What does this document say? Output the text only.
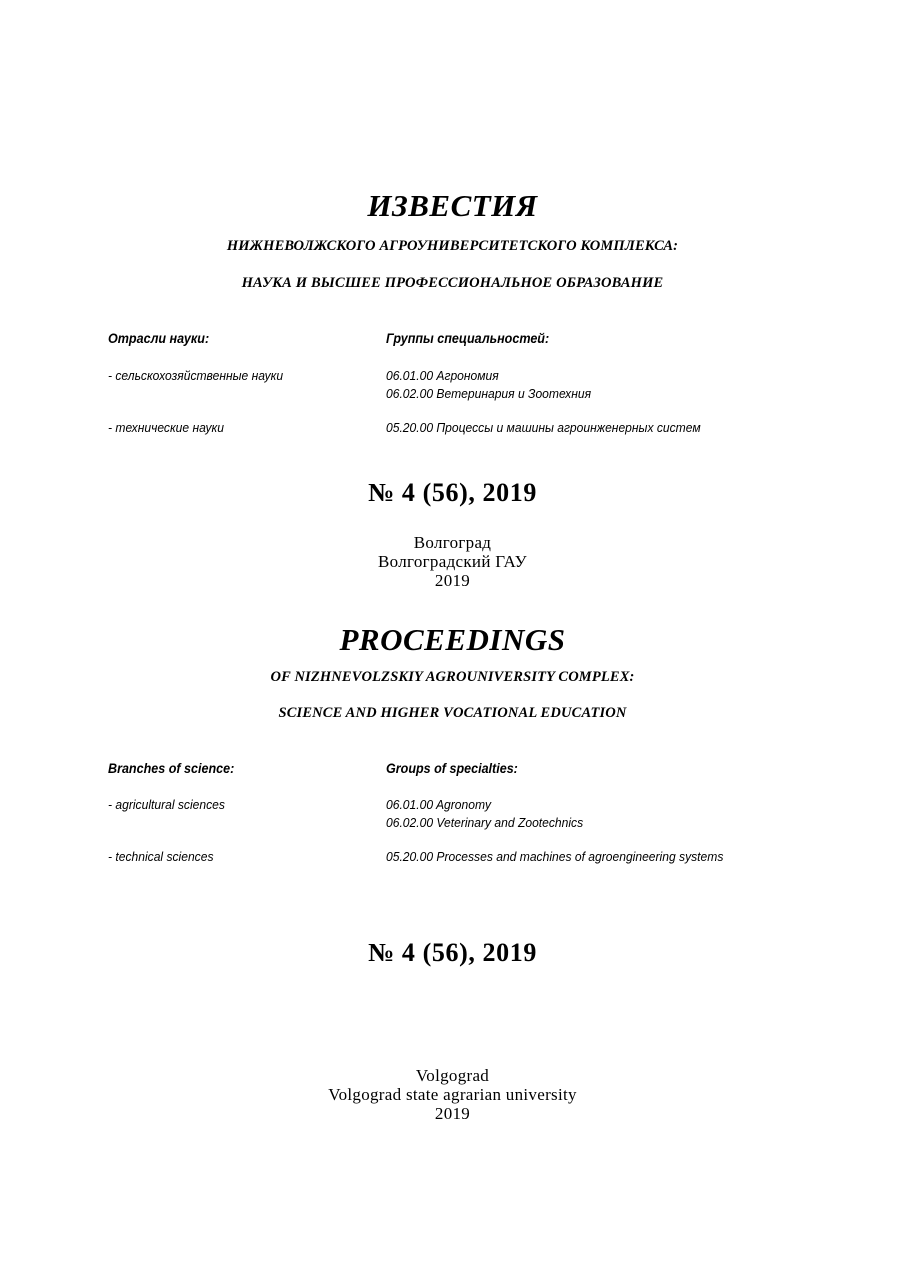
ИЗВЕСТИЯ
НИЖНЕВОЛЖСКОГО АГРОУНИВЕРСИТЕТСКОГО КОМПЛЕКСА:
НАУКА И ВЫСШЕЕ ПРОФЕССИОНАЛЬНОЕ ОБРАЗОВАНИЕ
Отрасли науки:	Группы специальностей:
- сельскохозяйственные науки	06.01.00 Агрономия
06.02.00 Ветеринария и Зоотехния
- технические науки	05.20.00 Процессы и машины агроинженерных систем
№ 4 (56), 2019
Волгоград
Волгоградский ГАУ
2019
PROCEEDINGS
OF NIZHNEVOLZSKIY AGROUNIVERSITY COMPLEX:
SCIENCE AND HIGHER VOCATIONAL EDUCATION
Branches of science:	Groups of specialties:
- agricultural sciences	06.01.00 Agronomy
06.02.00 Veterinary and Zootechnics
- technical sciences	05.20.00 Processes and machines of agroengineering systems
№ 4 (56), 2019
Volgograd
Volgograd state agrarian university
2019
